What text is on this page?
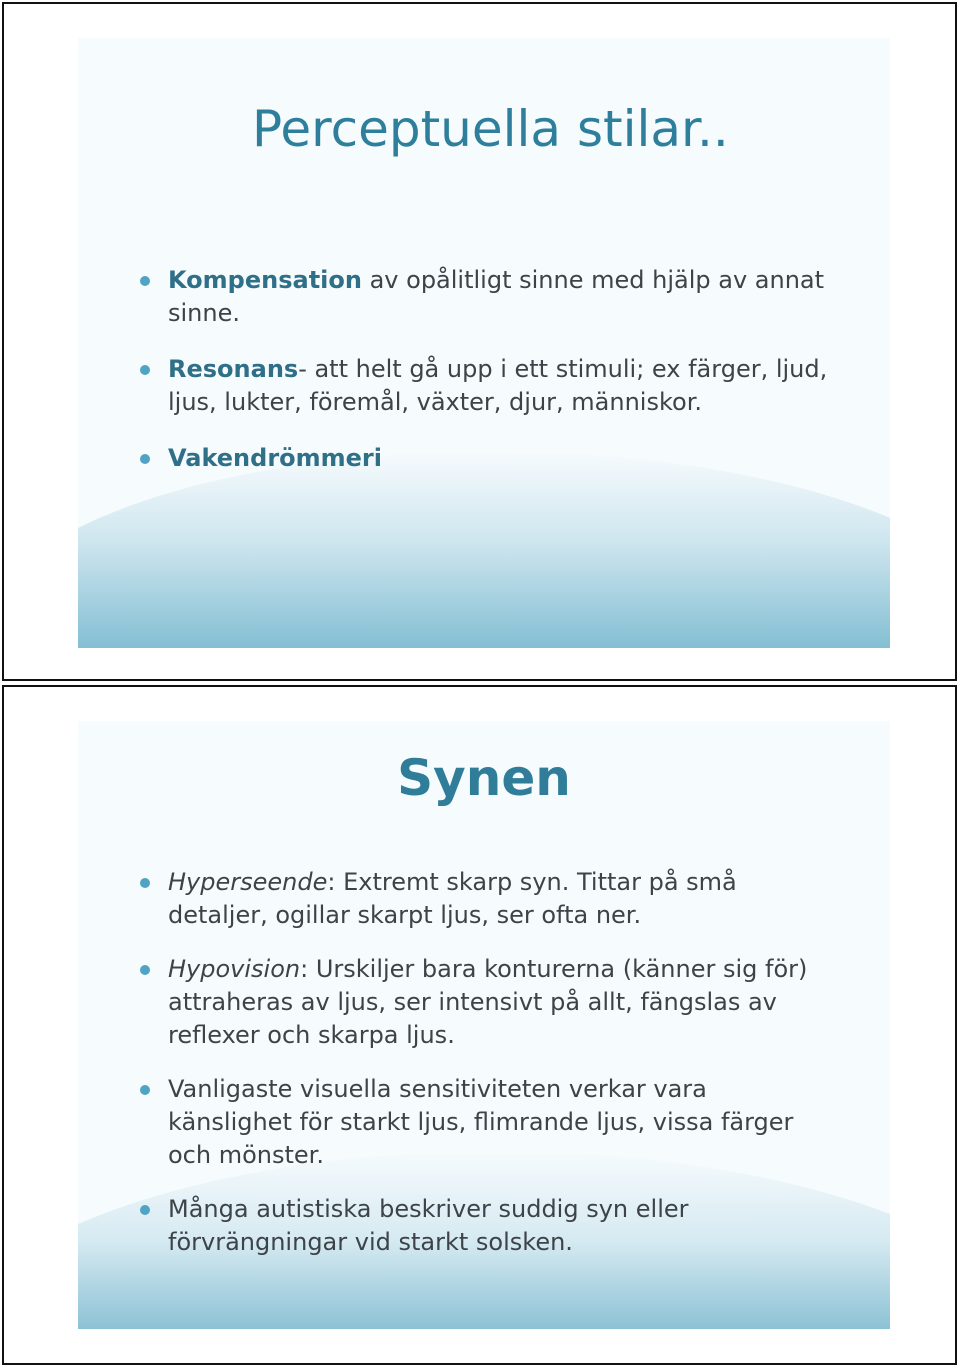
Perceptuella stilar..
Kompensation av opålitligt sinne med hjälp av annat sinne.
Resonans- att helt gå upp i ett stimuli; ex färger, ljud, ljus, lukter, föremål, växter, djur, människor.
Vakendrömmeri
Synen
Hyperseende: Extremt skarp syn. Tittar på små detaljer, ogillar skarpt ljus, ser ofta ner.
Hypovision: Urskiljer bara konturerna (känner sig för) attraheras av ljus, ser intensivt på allt, fängslas av reflexer och skarpa ljus.
Vanligaste visuella sensitiviteten verkar vara känslighet för starkt ljus, flimrande ljus, vissa färger och mönster.
Många autistiska beskriver suddig syn eller förvrängningar vid starkt solsken.
